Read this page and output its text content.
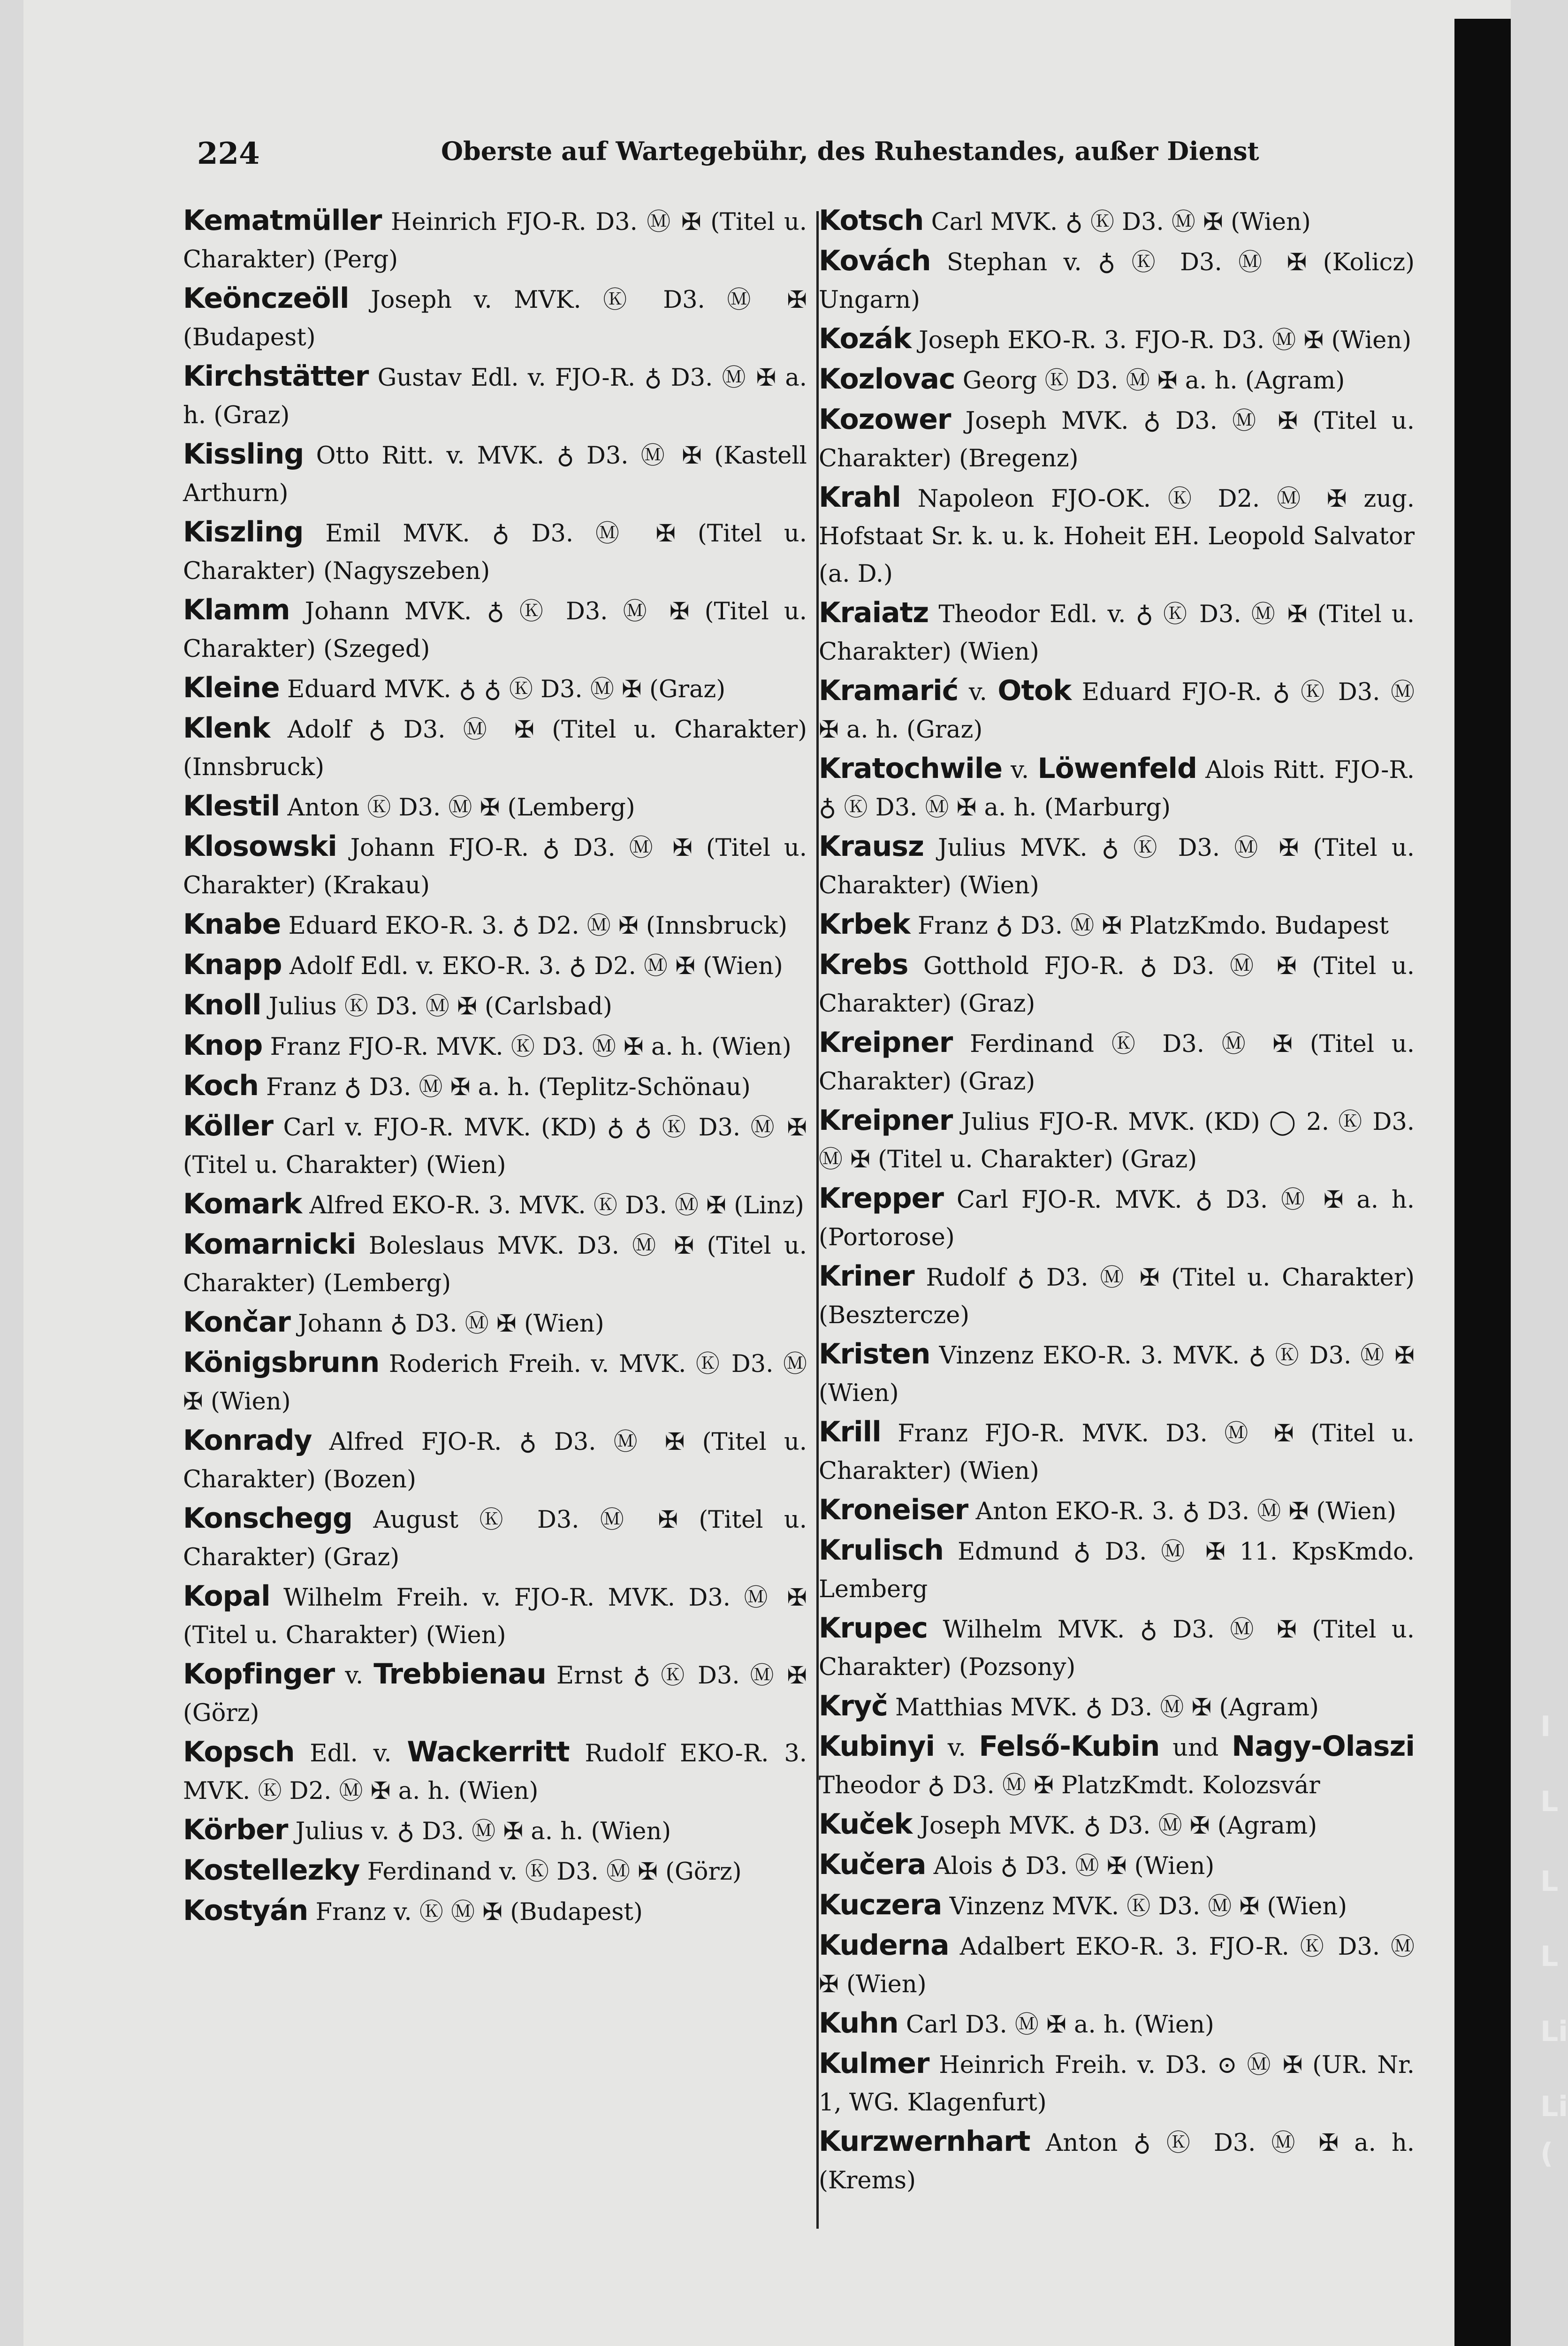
I
L
L
L
Li
Li
(
224	Oberste auf Wartegebühr, des Ruhestandes, außer Dienst
Kematmüller Heinrich FJO-R. D3. Ⓜ ✠ (Titel u. Charakter) (Perg)
Keönczeöll Joseph v. MVK. Ⓚ D3. Ⓜ ✠ (Budapest)
Kirchstätter Gustav Edl. v. FJO-R. ♁ D3. Ⓜ ✠ a. h. (Graz)
Kissling Otto Ritt. v. MVK. ♁ D3. Ⓜ ✠ (Kastell Arthurn)
Kiszling Emil MVK. ♁ D3. Ⓜ ✠ (Titel u. Charakter) (Nagyszeben)
Klamm Johann MVK. ♁ Ⓚ D3. Ⓜ ✠ (Titel u. Charakter) (Szeged)
Kleine Eduard MVK. ♁ ♁ Ⓚ D3. Ⓜ ✠ (Graz)
Klenk Adolf ♁ D3. Ⓜ ✠ (Titel u. Charakter) (Innsbruck)
Klestil Anton Ⓚ D3. Ⓜ ✠ (Lemberg)
Klosowski Johann FJO-R. ♁ D3. Ⓜ ✠ (Titel u. Charakter) (Krakau)
Knabe Eduard EKO-R. 3. ♁ D2. Ⓜ ✠ (Innsbruck)
Knapp Adolf Edl. v. EKO-R. 3. ♁ D2. Ⓜ ✠ (Wien)
Knoll Julius Ⓚ D3. Ⓜ ✠ (Carlsbad)
Knop Franz FJO-R. MVK. Ⓚ D3. Ⓜ ✠ a. h. (Wien)
Koch Franz ♁ D3. Ⓜ ✠ a. h. (Teplitz-Schönau)
Köller Carl v. FJO-R. MVK. (KD) ♁ ♁ Ⓚ D3. Ⓜ ✠ (Titel u. Charakter) (Wien)
Komark Alfred EKO-R. 3. MVK. Ⓚ D3. Ⓜ ✠ (Linz)
Komarnicki Boleslaus MVK. D3. Ⓜ ✠ (Titel u. Charakter) (Lemberg)
Končar Johann ♁ D3. Ⓜ ✠ (Wien)
Königsbrunn Roderich Freih. v. MVK. Ⓚ D3. Ⓜ ✠ (Wien)
Konrady Alfred FJO-R. ♁ D3. Ⓜ ✠ (Titel u. Charakter) (Bozen)
Konschegg August Ⓚ D3. Ⓜ ✠ (Titel u. Charakter) (Graz)
Kopal Wilhelm Freih. v. FJO-R. MVK. D3. Ⓜ ✠ (Titel u. Charakter) (Wien)
Kopfinger v. Trebbienau Ernst ♁ Ⓚ D3. Ⓜ ✠ (Görz)
Kopsch Edl. v. Wackerritt Rudolf EKO-R. 3. MVK. Ⓚ D2. Ⓜ ✠ a. h. (Wien)
Körber Julius v. ♁ D3. Ⓜ ✠ a. h. (Wien)
Kostellezky Ferdinand v. Ⓚ D3. Ⓜ ✠ (Görz)
Kostyán Franz v. Ⓚ Ⓜ ✠ (Budapest)
Kotsch Carl MVK. ♁ Ⓚ D3. Ⓜ ✠ (Wien)
Kovách Stephan v. ♁ Ⓚ D3. Ⓜ ✠ (Kolicz) Ungarn)
Kozák Joseph EKO-R. 3. FJO-R. D3. Ⓜ ✠ (Wien)
Kozlovac Georg Ⓚ D3. Ⓜ ✠ a. h. (Agram)
Kozower Joseph MVK. ♁ D3. Ⓜ ✠ (Titel u. Charakter) (Bregenz)
Krahl Napoleon FJO-OK. Ⓚ D2. Ⓜ ✠ zug. Hofstaat Sr. k. u. k. Hoheit EH. Leopold Salvator (a. D.)
Kraiatz Theodor Edl. v. ♁ Ⓚ D3. Ⓜ ✠ (Titel u. Charakter) (Wien)
Kramarić v. Otok Eduard FJO-R. ♁ Ⓚ D3. Ⓜ ✠ a. h. (Graz)
Kratochwile v. Löwenfeld Alois Ritt. FJO-R. ♁ Ⓚ D3. Ⓜ ✠ a. h. (Marburg)
Krausz Julius MVK. ♁ Ⓚ D3. Ⓜ ✠ (Titel u. Charakter) (Wien)
Krbek Franz ♁ D3. Ⓜ ✠ PlatzKmdo. Budapest
Krebs Gotthold FJO-R. ♁ D3. Ⓜ ✠ (Titel u. Charakter) (Graz)
Kreipner Ferdinand Ⓚ D3. Ⓜ ✠ (Titel u. Charakter) (Graz)
Kreipner Julius FJO-R. MVK. (KD) ◯ 2. Ⓚ D3. Ⓜ ✠ (Titel u. Charakter) (Graz)
Krepper Carl FJO-R. MVK. ♁ D3. Ⓜ ✠ a. h. (Portorose)
Kriner Rudolf ♁ D3. Ⓜ ✠ (Titel u. Charakter) (Besztercze)
Kristen Vinzenz EKO-R. 3. MVK. ♁ Ⓚ D3. Ⓜ ✠ (Wien)
Krill Franz FJO-R. MVK. D3. Ⓜ ✠ (Titel u. Charakter) (Wien)
Kroneiser Anton EKO-R. 3. ♁ D3. Ⓜ ✠ (Wien)
Krulisch Edmund ♁ D3. Ⓜ ✠ 11. KpsKmdo. Lemberg
Krupec Wilhelm MVK. ♁ D3. Ⓜ ✠ (Titel u. Charakter) (Pozsony)
Kryč Matthias MVK. ♁ D3. Ⓜ ✠ (Agram)
Kubinyi v. Felső-Kubin und Nagy-Olaszi Theodor ♁ D3. Ⓜ ✠ PlatzKmdt. Kolozsvár
Kuček Joseph MVK. ♁ D3. Ⓜ ✠ (Agram)
Kučera Alois ♁ D3. Ⓜ ✠ (Wien)
Kuczera Vinzenz MVK. Ⓚ D3. Ⓜ ✠ (Wien)
Kuderna Adalbert EKO-R. 3. FJO-R. Ⓚ D3. Ⓜ ✠ (Wien)
Kuhn Carl D3. Ⓜ ✠ a. h. (Wien)
Kulmer Heinrich Freih. v. D3. ⊙ Ⓜ ✠ (UR. Nr. 1, WG. Klagenfurt)
Kurzwernhart Anton ♁ Ⓚ D3. Ⓜ ✠ a. h. (Krems)
